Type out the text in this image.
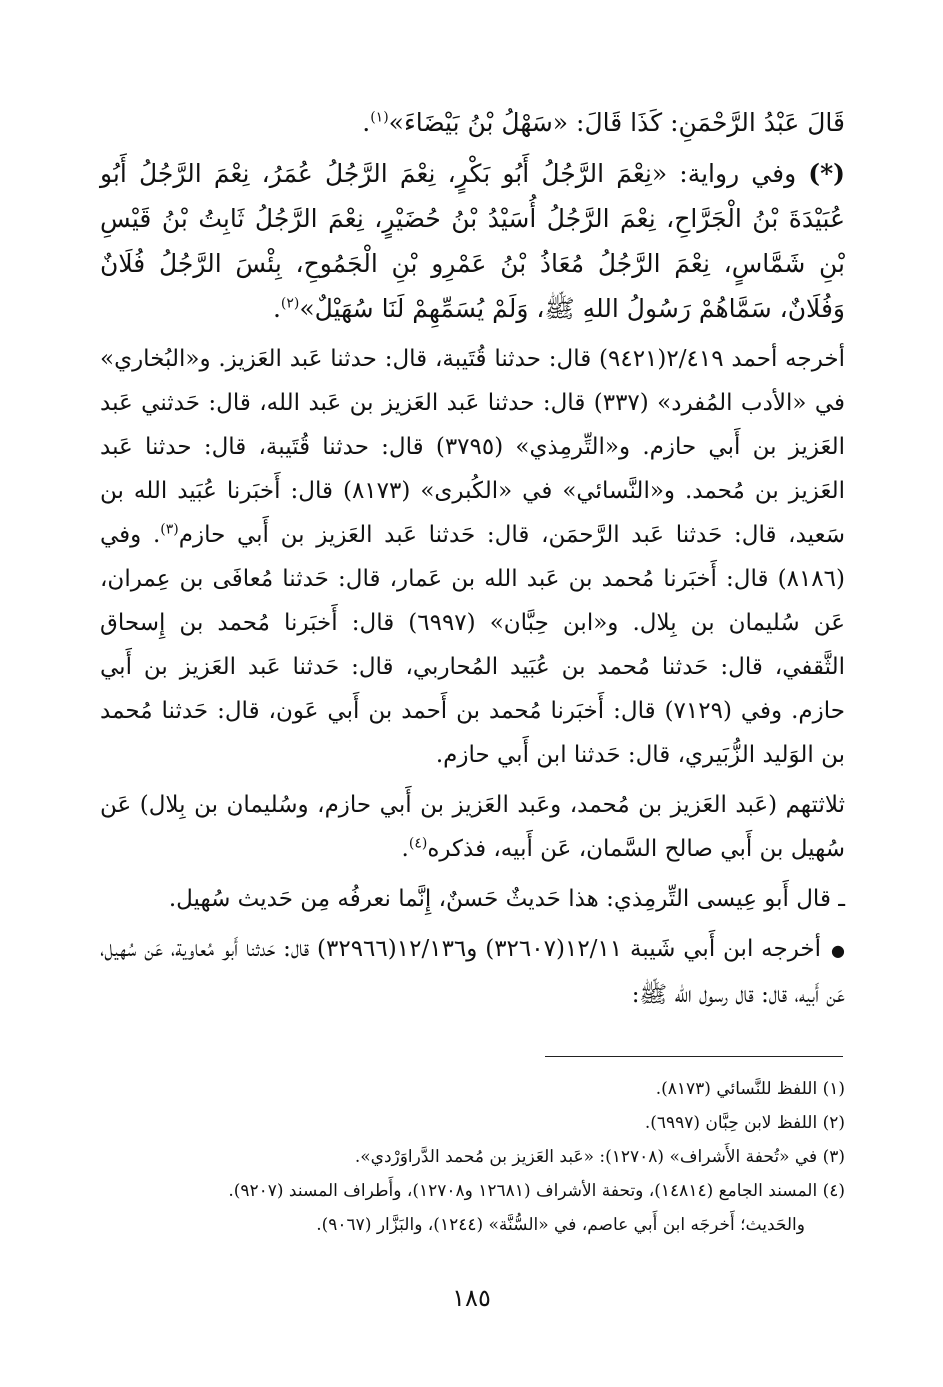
قَالَ عَبْدُ الرَّحْمَنِ: كَذَا قَالَ: «سَهْلُ بْنُ بَيْضَاءَ»$^{(١)}$.

(*) وفي رواية: «نِعْمَ الرَّجُلُ أَبُو بَكْرٍ، نِعْمَ الرَّجُلُ عُمَرُ، نِعْمَ الرَّجُلُ أَبُو عُبَيْدَةَ بْنُ الْجَرَّاحِ، نِعْمَ الرَّجُلُ أُسَيْدُ بْنُ حُضَيْرٍ، نِعْمَ الرَّجُلُ ثَابِتُ بْنُ قَيْسِ بْنِ شَمَّاسٍ، نِعْمَ الرَّجُلُ مُعَاذُ بْنُ عَمْرِو بْنِ الْجَمُوحِ، بِئْسَ الرَّجُلُ فُلَانٌ وَفُلَانٌ، سَمَّاهُمْ رَسُولُ اللهِ ﷺ، وَلَمْ يُسَمِّهِمْ لَنَا سُهَيْلٌ»$^{(٢)}$.

أخرجه أحمد ٢/٤١٩(٩٤٢١) قال: حدثنا قُتَيبة، قال: حدثنا عَبد العَزيز. و«البُخاري» في «الأدب المُفرد» (٣٣٧) قال: حدثنا عَبد العَزيز بن عَبد الله، قال: حَدثني عَبد العَزيز بن أَبي حازم. و«التِّرمِذي» (٣٧٩٥) قال: حدثنا قُتَيبة، قال: حدثنا عَبد العَزيز بن مُحمد. و«النَّسائي» في «الكُبرى» (٨١٧٣) قال: أَخبَرنا عُبَيد الله بن سَعيد، قال: حَدثنا عَبد الرَّحمَن، قال: حَدثنا عَبد العَزيز بن أَبي حازم$^{(٣)}$. وفي (٨١٨٦) قال: أَخبَرنا مُحمد بن عَبد الله بن عَمار، قال: حَدثنا مُعافَى بن عِمران، عَن سُليمان بن بِلال. و«ابن حِبَّان» (٦٩٩٧) قال: أَخبَرنا مُحمد بن إِسحاق الثَّقفي، قال: حَدثنا مُحمد بن عُبَيد المُحاربي، قال: حَدثنا عَبد العَزيز بن أَبي حازم. وفي (٧١٢٩) قال: أَخبَرنا مُحمد بن أَحمد بن أَبي عَون، قال: حَدثنا مُحمد بن الوَليد الزُّبَيري، قال: حَدثنا ابن أَبي حازم.

ثلاثتهم (عَبد العَزيز بن مُحمد، وعَبد العَزيز بن أَبي حازم، وسُليمان بن بِلال) عَن سُهيل بن أَبي صالح السَّمان، عَن أَبيه، فذكره$^{(٤)}$.

ـ قال أَبو عِيسى التِّرمِذي: هذا حَديثٌ حَسنٌ، إِنَّما نعرفُه مِن حَديث سُهيل.

●أخرجه ابن أَبي شَيبة ١٢/١١(٣٢٦٠٧) و١٢/١٣٦(٣٢٩٦٦) قال: حَدثنا أَبو مُعاوية، عَن سُهيل، عَن أَبيه، قال: قال رسول الله ﷺ:

(١) اللفظ للنَّسائي (٨١٧٣).

(٢) اللفظ لابن حِبَّان (٦٩٩٧).

(٣) في «تُحفة الأَشراف» (١٢٧٠٨): «عَبد العَزيز بن مُحمد الدَّراوَرْدي».

(٤) المسند الجامع (١٤٨١٤)، وتحفة الأشراف (١٢٦٨١ و١٢٧٠٨)، وأَطراف المسند (٩٢٠٧).

والحَديث؛ أَخرجَه ابن أَبي عاصم، في «السُّنَّة» (١٢٤٤)، والبَزَّار (٩٠٦٧).

١٨٥
